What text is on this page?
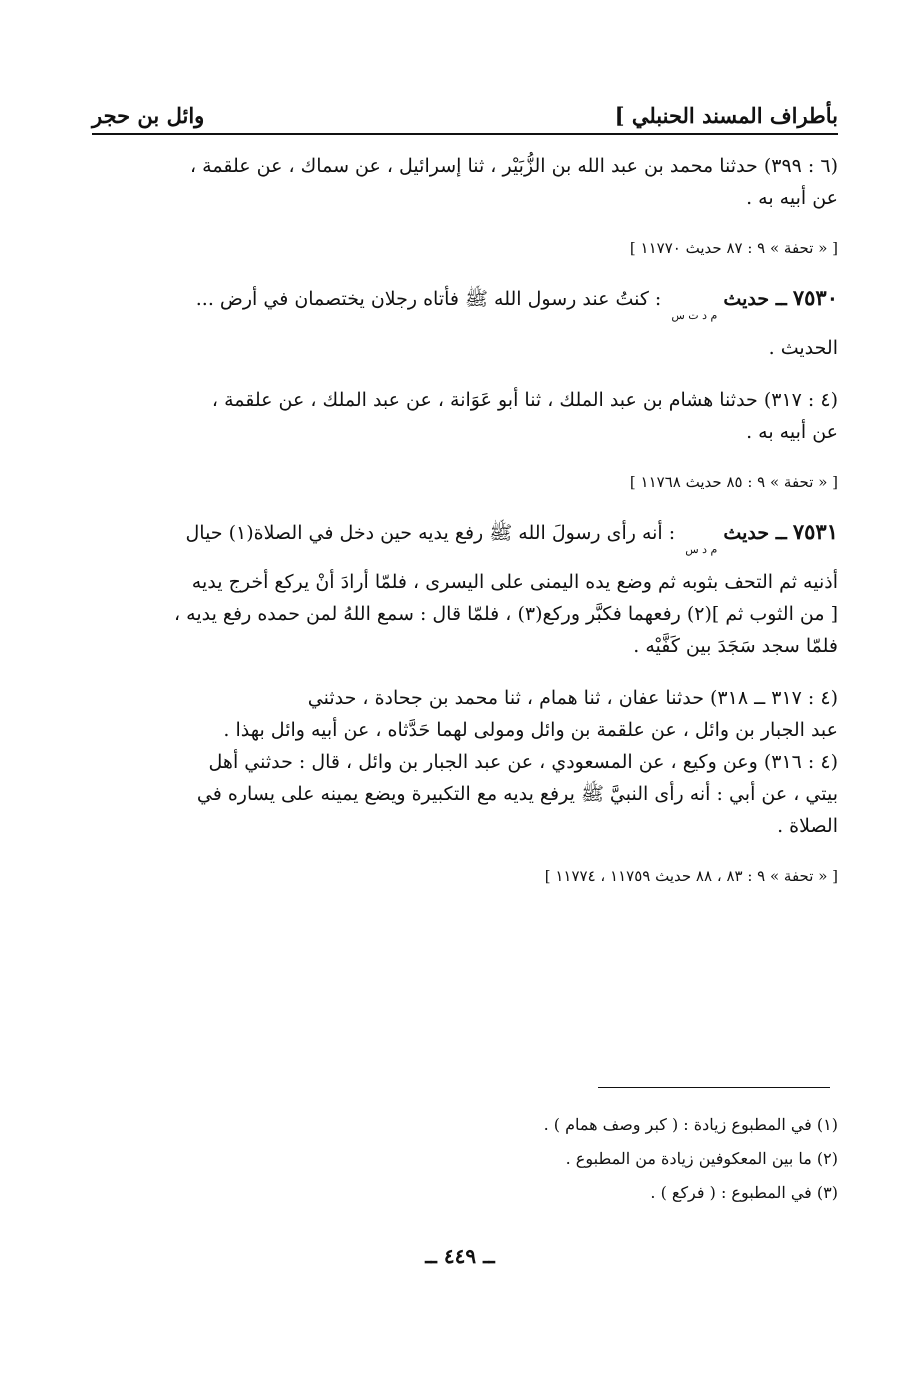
بأطراف المسند الحنبلي ]
وائل بن حجر
(٦ : ٣٩٩) حدثنا محمد بن عبد الله بن الزُّبَيْر ، ثنا إسرائيل ، عن سماك ، عن علقمة ،
عن أبيه به .
[ « تحفة » ٩ : ٨٧ حديث ١١٧٧٠ ]
٧٥٣٠ ــ حديث م د ت س : كنتُ عند رسول الله ﷺ فأتاه رجلان يختصمان في أرض ...
الحديث .
(٤ : ٣١٧) حدثنا هشام بن عبد الملك ، ثنا أبو عَوَانة ، عن عبد الملك ، عن علقمة ،
عن أبيه به .
[ « تحفة » ٩ : ٨٥ حديث ١١٧٦٨ ]
٧٥٣١ ــ حديث م د س : أنه رأى رسولَ الله ﷺ رفع يديه حين دخل في الصلاة(١) حيال
أذنيه ثم التحف بثوبه ثم وضع يده اليمنى على اليسرى ، فلمّا أرادَ أنْ يركع أخرج يديه
[ من الثوب ثم ](٢) رفعهما فكبَّر وركع(٣) ، فلمّا قال : سمع اللهُ لمن حمده رفع يديه ،
فلمّا سجد سَجَدَ بين كَفَّيْه .
(٤ : ٣١٧ ــ ٣١٨) حدثنا عفان ، ثنا همام ، ثنا محمد بن جحادة ، حدثني
عبد الجبار بن وائل ، عن علقمة بن وائل ومولى لهما حَدَّثاه ، عن أبيه وائل بهذا .
(٤ : ٣١٦) وعن وكيع ، عن المسعودي ، عن عبد الجبار بن وائل ، قال : حدثني أهل
بيتي ، عن أبي : أنه رأى النبيَّ ﷺ يرفع يديه مع التكبيرة ويضع يمينه على يساره في
الصلاة .
[ « تحفة » ٩ : ٨٣ ، ٨٨ حديث ١١٧٥٩ ، ١١٧٧٤ ]
(١) في المطبوع زيادة : ( كبر وصف همام ) .
(٢) ما بين المعكوفين زيادة من المطبوع .
(٣) في المطبوع : ( فركع ) .
ــ ٤٤٩ ــ
